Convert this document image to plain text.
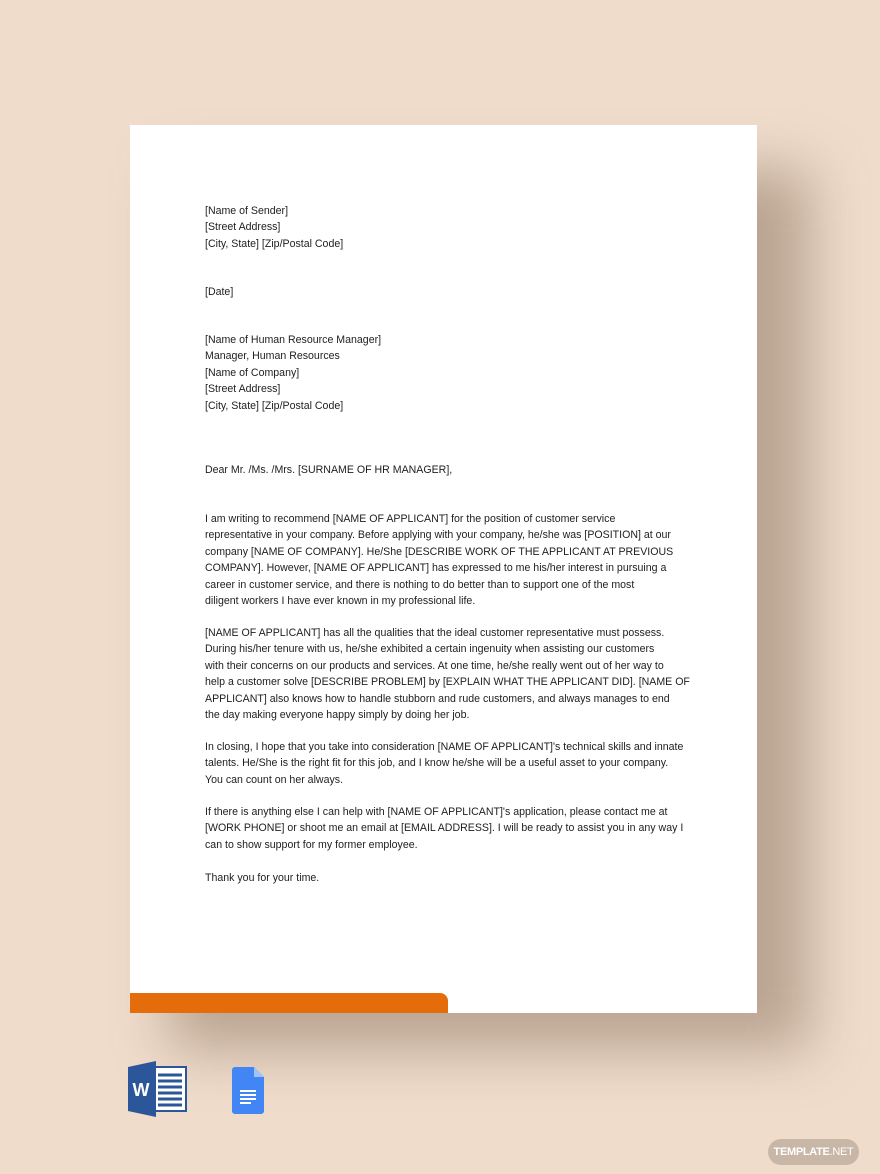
[Name of Sender]
[Street Address]
[City, State] [Zip/Postal Code]
[Date]
[Name of Human Resource Manager]
Manager, Human Resources
[Name of Company]
[Street Address]
[City, State] [Zip/Postal Code]
Dear Mr. /Ms. /Mrs. [SURNAME OF HR MANAGER],
I am writing to recommend [NAME OF APPLICANT] for the position of customer service
representative in your company. Before applying with your company, he/she was [POSITION] at our
company [NAME OF COMPANY]. He/She [DESCRIBE WORK OF THE APPLICANT AT PREVIOUS
COMPANY]. However, [NAME OF APPLICANT] has expressed to me his/her interest in pursuing a
career in customer service, and there is nothing to do better than to support one of the most
diligent workers I have ever known in my professional life.
[NAME OF APPLICANT] has all the qualities that the ideal customer representative must possess.
During his/her tenure with us, he/she exhibited a certain ingenuity when assisting our customers
with their concerns on our products and services. At one time, he/she really went out of her way to
help a customer solve [DESCRIBE PROBLEM] by [EXPLAIN WHAT THE APPLICANT DID]. [NAME OF
APPLICANT] also knows how to handle stubborn and rude customers, and always manages to end
the day making everyone happy simply by doing her job.
In closing, I hope that you take into consideration [NAME OF APPLICANT]'s technical skills and innate
talents. He/She is the right fit for this job, and I know he/she will be a useful asset to your company.
You can count on her always.
If there is anything else I can help with [NAME OF APPLICANT]'s application, please contact me at
[WORK PHONE] or shoot me an email at [EMAIL ADDRESS]. I will be ready to assist you in any way I
can to show support for my former employee.
Thank you for your time.
W
TEMPLATE.NET
